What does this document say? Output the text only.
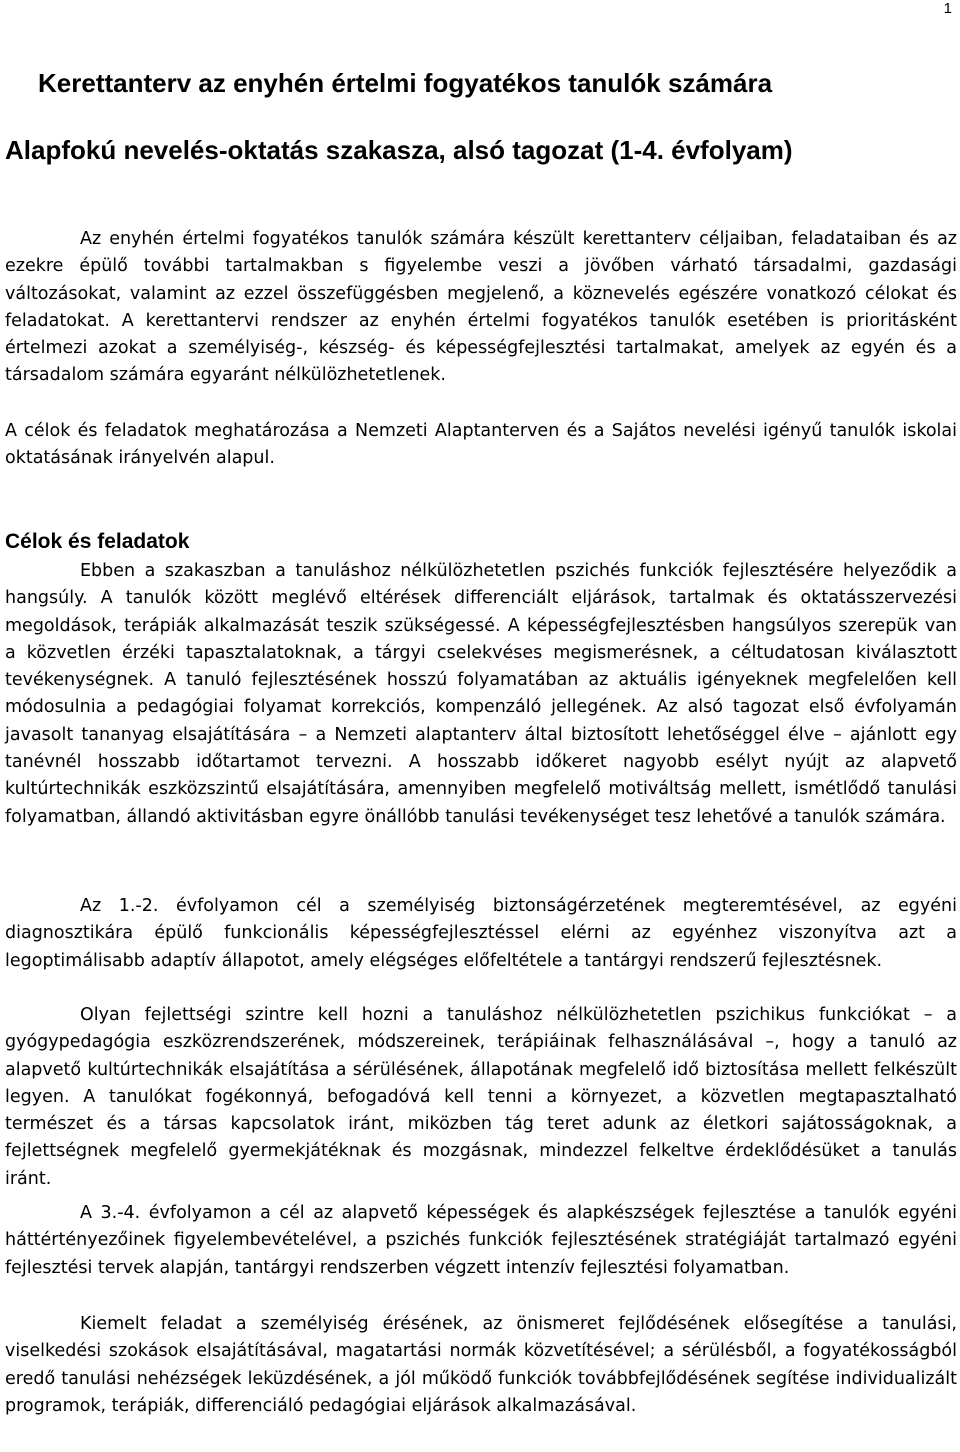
1
Kerettanterv az enyhén értelmi fogyatékos tanulók számára
Alapfokú nevelés-oktatás szakasza, alsó tagozat (1-4. évfolyam)

Az enyhén értelmi fogyatékos tanulók számára készült kerettanterv céljaiban, feladataiban és az ezekre épülő további tartalmakban s figyelembe veszi a jövőben várható társadalmi, gazdasági változásokat, valamint az ezzel összefüggésben megjelenő, a köznevelés egészére vonatkozó célokat és feladatokat. A kerettantervi rendszer az enyhén értelmi fogyatékos tanulók esetében is prioritásként értelmezi azokat a személyiség-, készség- és képességfejlesztési tartalmakat, amelyek az egyén és a társadalom számára egyaránt nélkülözhetetlenek.

A célok és feladatok meghatározása a Nemzeti Alaptanterven és a Sajátos nevelési igényű tanulók iskolai oktatásának irányelvén alapul.

Célok és feladatok

Ebben a szakaszban a tanuláshoz nélkülözhetetlen pszichés funkciók fejlesztésére helyeződik a hangsúly. A tanulók között meglévő eltérések differenciált eljárások, tartalmak és oktatásszervezési megoldások, terápiák alkalmazását teszik szükségessé. A képességfejlesztésben hangsúlyos szerepük van a közvetlen érzéki tapasztalatoknak, a tárgyi cselekvéses megismerésnek, a céltudatosan kiválasztott tevékenységnek. A tanuló fejlesztésének hosszú folyamatában az aktuális igényeknek megfelelően kell módosulnia a pedagógiai folyamat korrekciós, kompenzáló jellegének. Az alsó tagozat első évfolyamán javasolt tananyag elsajátítására – a Nemzeti alaptanterv által biztosított lehetőséggel élve – ajánlott egy tanévnél hosszabb időtartamot tervezni. A hosszabb időkeret nagyobb esélyt nyújt az alapvető kultúrtechnikák eszközszintű elsajátítására, amennyiben megfelelő motiváltság mellett, ismétlődő tanulási folyamatban, állandó aktivitásban egyre önállóbb tanulási tevékenységet tesz lehetővé a tanulók számára.

Az 1.-2. évfolyamon cél a személyiség biztonságérzetének megteremtésével, az egyéni diagnosztikára épülő funkcionális képességfejlesztéssel elérni az egyénhez viszonyítva azt a legoptimálisabb adaptív állapotot, amely elégséges előfeltétele a tantárgyi rendszerű fejlesztésnek.

Olyan fejlettségi szintre kell hozni a tanuláshoz nélkülözhetetlen pszichikus funkciókat – a gyógypedagógia eszközrendszerének, módszereinek, terápiáinak felhasználásával –, hogy a tanuló az alapvető kultúrtechnikák elsajátítása a sérülésének, állapotának megfelelő idő biztosítása mellett felkészült legyen. A tanulókat fogékonnyá, befogadóvá kell tenni a környezet, a közvetlen megtapasztalható természet és a társas kapcsolatok iránt, miközben tág teret adunk az életkori sajátosságoknak, a fejlettségnek megfelelő gyermekjátéknak és mozgásnak, mindezzel felkeltve érdeklődésüket a tanulás iránt.

A 3.-4. évfolyamon a cél az alapvető képességek és alapkészségek fejlesztése a tanulók egyéni háttértényezőinek figyelembevételével, a pszichés funkciók fejlesztésének stratégiáját tartalmazó egyéni fejlesztési tervek alapján, tantárgyi rendszerben végzett intenzív fejlesztési folyamatban.

Kiemelt feladat a személyiség érésének, az önismeret fejlődésének elősegítése a tanulási, viselkedési szokások elsajátításával, magatartási normák közvetítésével; a sérülésből, a fogyatékosságból eredő tanulási nehézségek leküzdésének, a jól működő funkciók továbbfejlődésének segítése individualizált programok, terápiák, differenciáló pedagógiai eljárások alkalmazásával.
